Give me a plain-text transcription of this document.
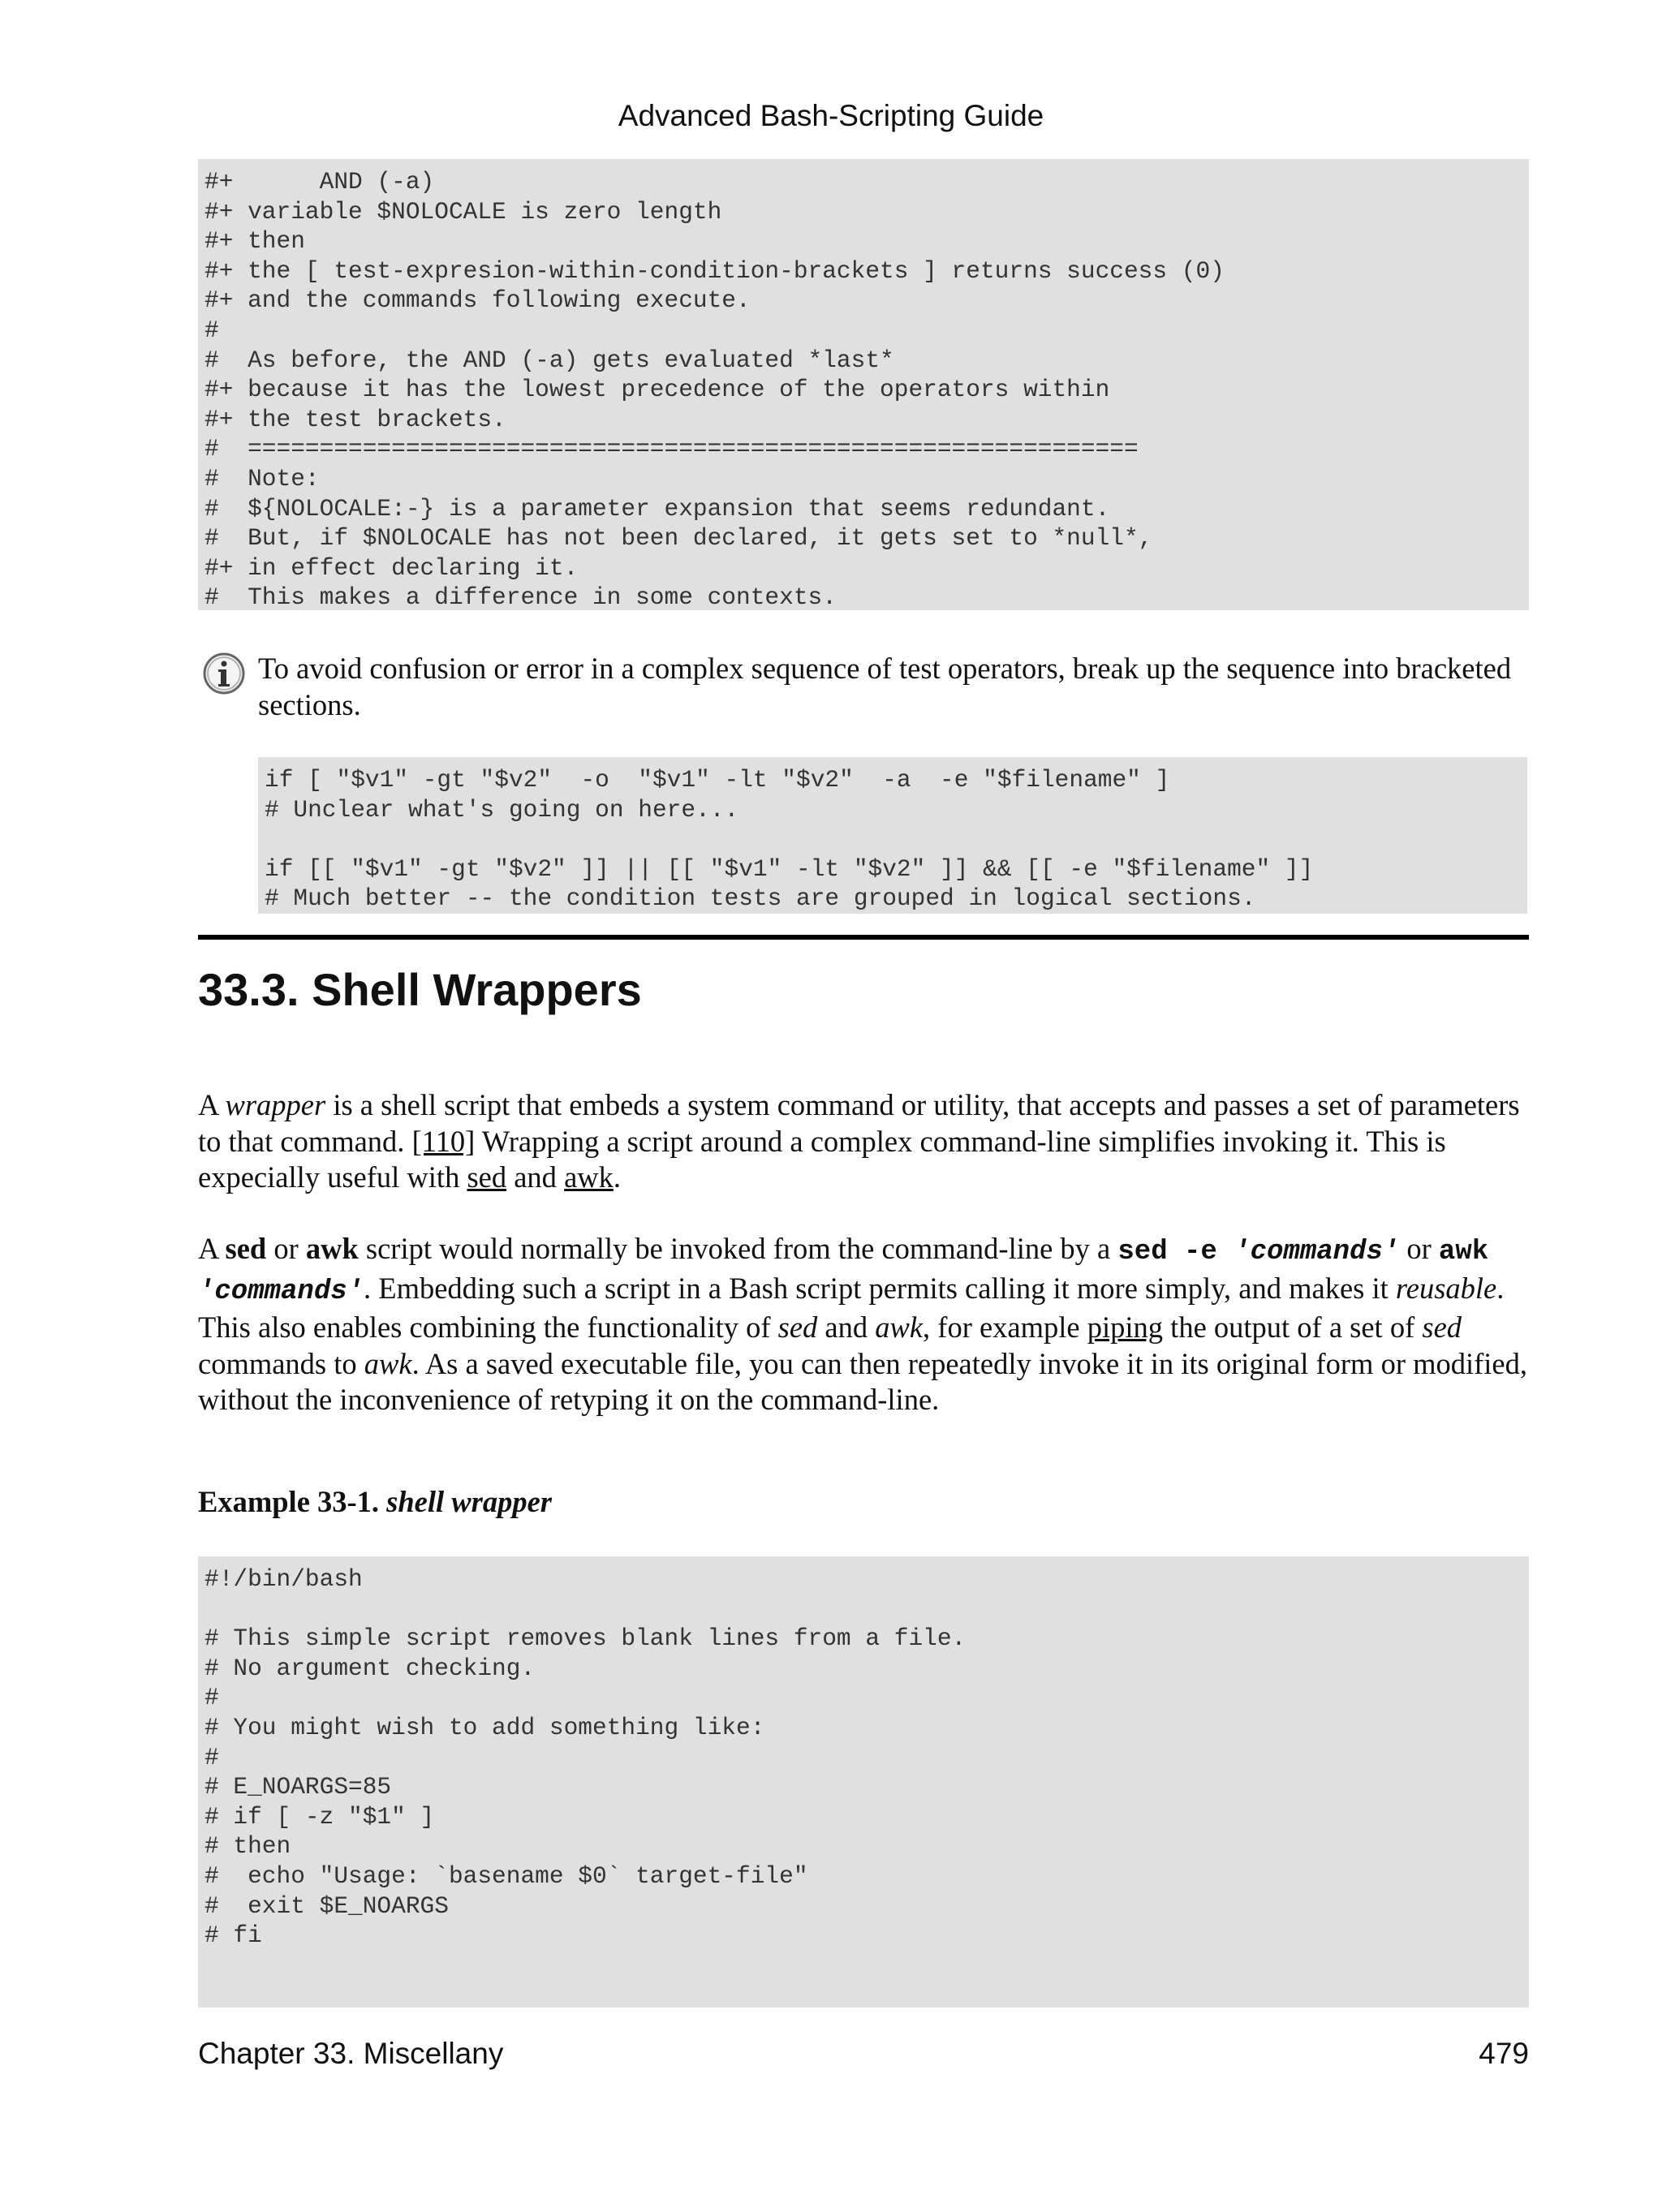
Advanced Bash-Scripting Guide
#+      AND (-a)
#+ variable $NOLOCALE is zero length
#+ then
#+ the [ test-expresion-within-condition-brackets ] returns success (0)
#+ and the commands following execute.
#
#  As before, the AND (-a) gets evaluated *last*
#+ because it has the lowest precedence of the operators within
#+ the test brackets.
#  ==============================================================
#  Note:
#  ${NOLOCALE:-} is a parameter expansion that seems redundant.
#  But, if $NOLOCALE has not been declared, it gets set to *null*,
#+ in effect declaring it.
#  This makes a difference in some contexts.
To avoid confusion or error in a complex sequence of test operators, break up the sequence into bracketed sections.
if [ "$v1" -gt "$v2"  -o  "$v1" -lt "$v2"  -a  -e "$filename" ]
# Unclear what's going on here...

if [[ "$v1" -gt "$v2" ]] || [[ "$v1" -lt "$v2" ]] && [[ -e "$filename" ]]
# Much better -- the condition tests are grouped in logical sections.
33.3. Shell Wrappers

A wrapper is a shell script that embeds a system command or utility, that accepts and passes a set of parameters to that command. [110] Wrapping a script around a complex command-line simplifies invoking it. This is expecially useful with sed and awk.

A sed or awk script would normally be invoked from the command-line by a sed -e 'commands' or awk 'commands'. Embedding such a script in a Bash script permits calling it more simply, and makes it reusable. This also enables combining the functionality of sed and awk, for example piping the output of a set of sed commands to awk. As a saved executable file, you can then repeatedly invoke it in its original form or modified, without the inconvenience of retyping it on the command-line.

Example 33-1. shell wrapper
#!/bin/bash

# This simple script removes blank lines from a file.
# No argument checking.
#
# You might wish to add something like:
#
# E_NOARGS=85
# if [ -z "$1" ]
# then
#  echo "Usage: `basename $0` target-file"
#  exit $E_NOARGS
# fi
Chapter 33. Miscellany	479
